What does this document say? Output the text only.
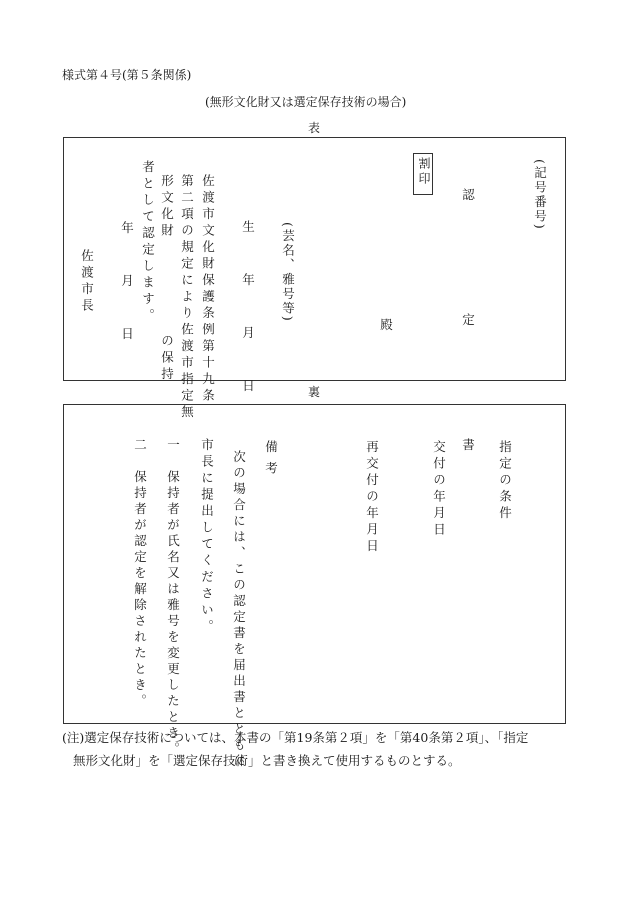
様式第４号(第５条関係)
(無形文化財又は選定保存技術の場合)
表
(記号番号)
認　定　書
割印
殿
(芸名、雅号等)
生　年　月　日
佐渡市文化財保護条例第十九条
第二項の規定により佐渡市指定無
形文化財
の保持
者として認定します。
年　月　日
佐渡市長
裏
指定の条件
交付の年月日
再交付の年月日
備考
次の場合には、この認定書を届出書とともに
市長に提出してください。
一　保持者が氏名又は雅号を変更したとき。
二　保持者が認定を解除されたとき。
(注)選定保存技術については、本書の「第19条第２項」を「第40条第２項」、「指定
無形文化財」を「選定保存技術」と書き換えて使用するものとする。
